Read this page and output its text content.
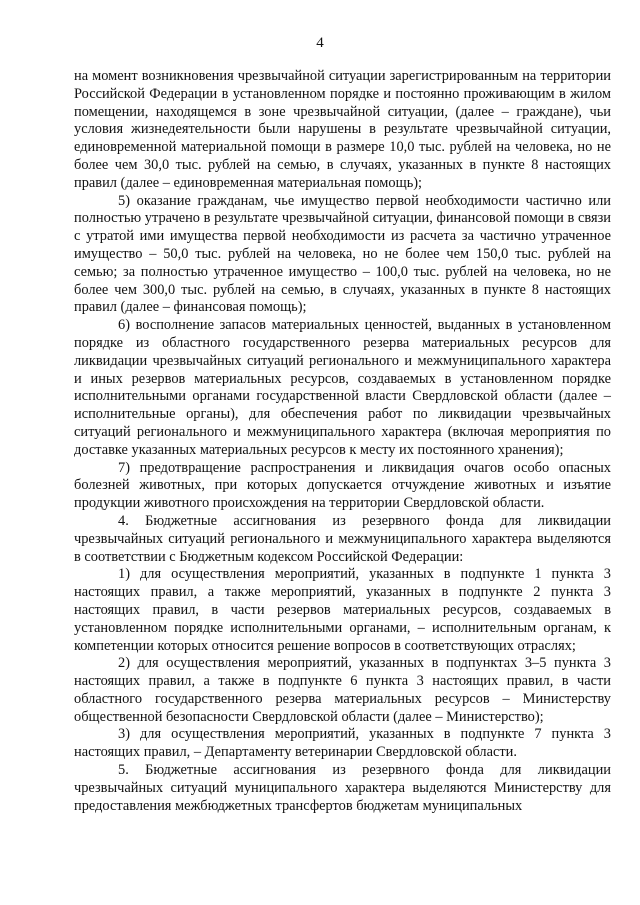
4

на момент возникновения чрезвычайной ситуации зарегистрированным на территории Российской Федерации в установленном порядке и постоянно проживающим в жилом помещении, находящемся в зоне чрезвычайной ситуации, (далее – граждане), чьи условия жизнедеятельности были нарушены в результате чрезвычайной ситуации, единовременной материальной помощи в размере 10,0 тыс. рублей на человека, но не более чем 30,0 тыс. рублей на семью, в случаях, указанных в пункте 8 настоящих правил (далее – единовременная материальная помощь);

5) оказание гражданам, чье имущество первой необходимости частично или полностью утрачено в результате чрезвычайной ситуации, финансовой помощи в связи с утратой ими имущества первой необходимости из расчета за частично утраченное имущество – 50,0 тыс. рублей на человека, но не более чем 150,0 тыс. рублей на семью; за полностью утраченное имущество – 100,0 тыс. рублей на человека, но не более чем 300,0 тыс. рублей на семью, в случаях, указанных в пункте 8 настоящих правил (далее – финансовая помощь);

6) восполнение запасов материальных ценностей, выданных в установленном порядке из областного государственного резерва материальных ресурсов для ликвидации чрезвычайных ситуаций регионального и межмуниципального характера и иных резервов материальных ресурсов, создаваемых в установленном порядке исполнительными органами государственной власти Свердловской области (далее – исполнительные органы), для обеспечения работ по ликвидации чрезвычайных ситуаций регионального и межмуниципального характера (включая мероприятия по доставке указанных материальных ресурсов к месту их постоянного хранения);

7) предотвращение распространения и ликвидация очагов особо опасных болезней животных, при которых допускается отчуждение животных и изъятие продукции животного происхождения на территории Свердловской области.

4. Бюджетные ассигнования из резервного фонда для ликвидации чрезвычайных ситуаций регионального и межмуниципального характера выделяются в соответствии с Бюджетным кодексом Российской Федерации:

1) для осуществления мероприятий, указанных в подпункте 1 пункта 3 настоящих правил, а также мероприятий, указанных в подпункте 2 пункта 3 настоящих правил, в части резервов материальных ресурсов, создаваемых в установленном порядке исполнительными органами, – исполнительным органам, к компетенции которых относится решение вопросов в соответствующих отраслях;

2) для осуществления мероприятий, указанных в подпунктах 3–5 пункта 3 настоящих правил, а также в подпункте 6 пункта 3 настоящих правил, в части областного государственного резерва материальных ресурсов – Министерству общественной безопасности Свердловской области (далее – Министерство);

3) для осуществления мероприятий, указанных в подпункте 7 пункта 3 настоящих правил, – Департаменту ветеринарии Свердловской области.

5. Бюджетные ассигнования из резервного фонда для ликвидации чрезвычайных ситуаций муниципального характера выделяются Министерству для предоставления межбюджетных трансфертов бюджетам муниципальных
